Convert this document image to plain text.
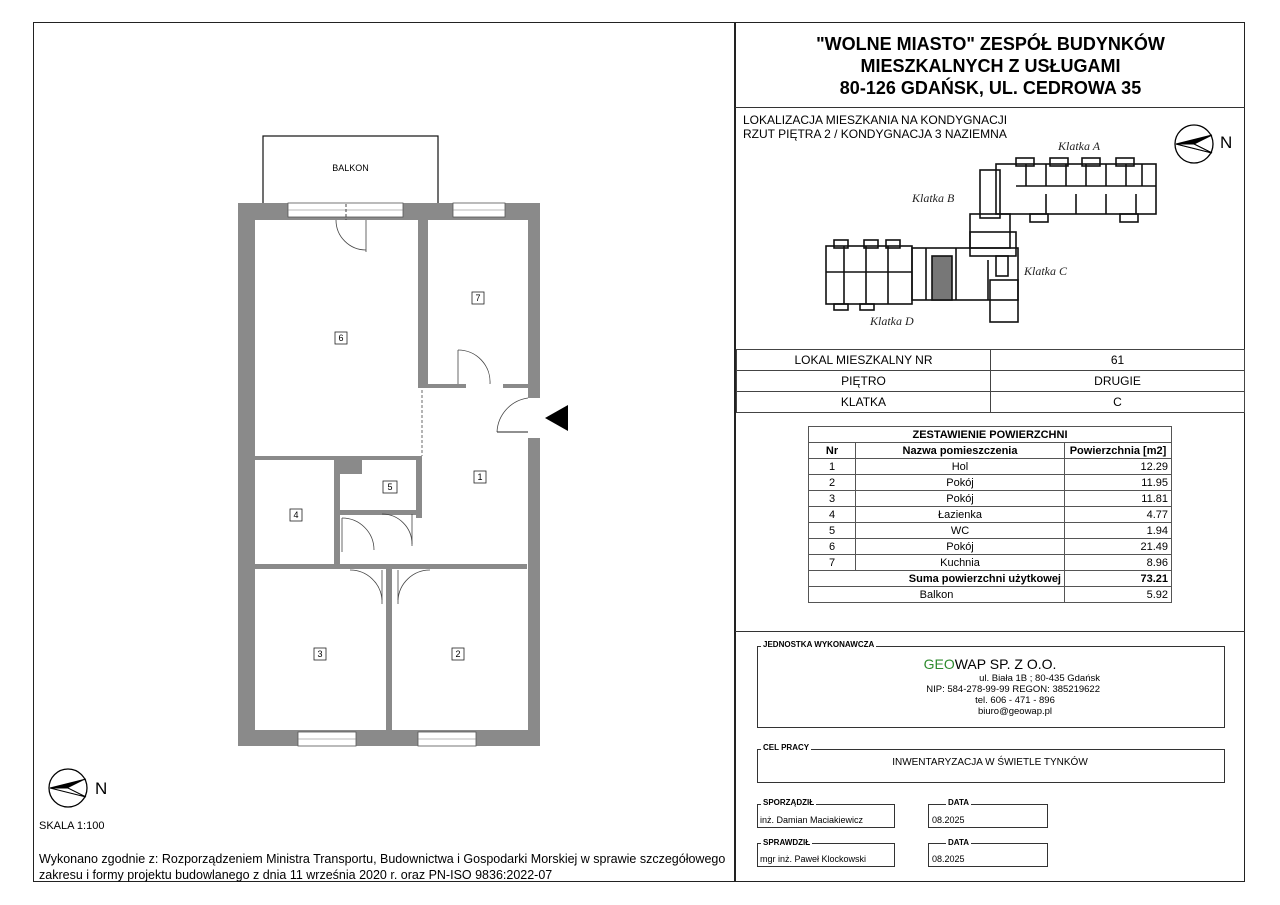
"WOLNE MIASTO" ZESPÓŁ BUDYNKÓW
MIESZKALNYCH Z USŁUGAMI
80-126 GDAŃSK, UL. CEDROWA 35
LOKALIZACJA MIESZKANIA NA KONDYGNACJI
RZUT PIĘTRA 2 / KONDYGNACJA 3 NAZIEMNA	N
Klatka A
Klatka B
Klatka C
Klatka D
LOKAL MIESZKALNY NR	61
PIĘTRO	DRUGIE
KLATKA	C
ZESTAWIENIE POWIERZCHNI		
Nr	Nazwa pomieszczenia	Powierzchnia [m2]
1	Hol	12.29
2	Pokój	11.95
3	Pokój	11.81
4	Łazienka	4.77
5	WC	1.94
6	Pokój	21.49
7	Kuchnia	8.96
Suma powierzchni użytkowej		73.21
Balkon		5.92
JEDNOSTKA WYKONAWCZA
GEOWAP SP. Z O.O.
ul. Biała 1B ; 80-435 Gdańsk
NIP: 584-278-99-99 REGON: 385219622
tel. 606 - 471 - 896
biuro@geowap.pl
CEL PRACY
INWENTARYZACJA W ŚWIETLE TYNKÓW
SPORZĄDZIŁ
inż. Damian Maciakiewicz
DATA
08.2025
SPRAWDZIŁ
mgr inż. Paweł Klockowski
DATA
08.2025
BALKON
6
7
1
4
5
3	2
N
SKALA 1:100
Wykonano zgodnie z: Rozporządzeniem Ministra Transportu, Budownictwa i Gospodarki Morskiej w sprawie szczegółowego
zakresu i formy projektu budowlanego z dnia 11 września 2020 r. oraz PN-ISO 9836:2022-07
